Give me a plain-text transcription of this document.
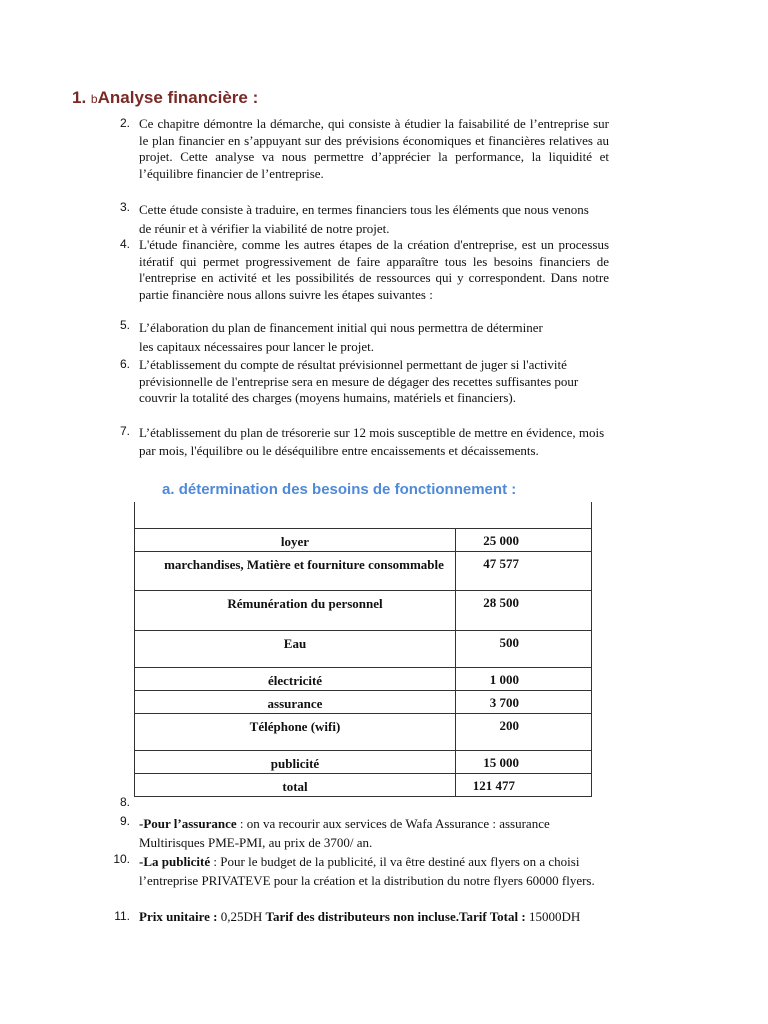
1. bAnalyse financière :
2. Ce chapitre démontre la démarche, qui consiste à étudier la faisabilité de l’entreprise sur le plan financier en s’appuyant sur des prévisions économiques et financières relatives au projet. Cette analyse va nous permettre d’apprécier la performance, la liquidité et l’équilibre financier de l’entreprise.
3. Cette étude consiste à traduire, en termes financiers tous les éléments que nous venons de réunir et à vérifier la viabilité de notre projet.
4. L'étude financière, comme les autres étapes de la création d'entreprise, est un processus itératif qui permet progressivement de faire apparaître tous les besoins financiers de l'entreprise en activité et les possibilités de ressources qui y correspondent. Dans notre partie financière nous allons suivre les étapes suivantes :
5. L’élaboration du plan de financement initial qui nous permettra de déterminer les capitaux nécessaires pour lancer le projet.
6. L’établissement du compte de résultat prévisionnel permettant de juger si l'activité prévisionnelle de l'entreprise sera en mesure de dégager des recettes suffisantes pour couvrir la totalité des charges (moyens humains, matériels et financiers).
7. L’établissement du plan de trésorerie sur 12 mois susceptible de mettre en évidence, mois par mois, l'équilibre ou le déséquilibre entre encaissements et décaissements.
a. détermination des besoins de fonctionnement :

loyer	25 000
marchandises, Matière et fourniture consommable	47 577
Rémunération du personnel	28 500
Eau	500
électricité	1 000
assurance	3 700
Téléphone (wifi)	200
publicité	15 000
total	121 477
8.
9. -Pour l’assurance : on va recourir aux services de Wafa Assurance : assurance Multirisques PME-PMI, au prix de 3700/ an.
10. -La publicité : Pour le budget de la publicité, il va être destiné aux flyers on a choisi l’entreprise PRIVATEVE pour la création et la distribution du notre flyers 60000 flyers.
11. Prix unitaire : 0,25DH Tarif des distributeurs non incluse.Tarif Total : 15000DH
